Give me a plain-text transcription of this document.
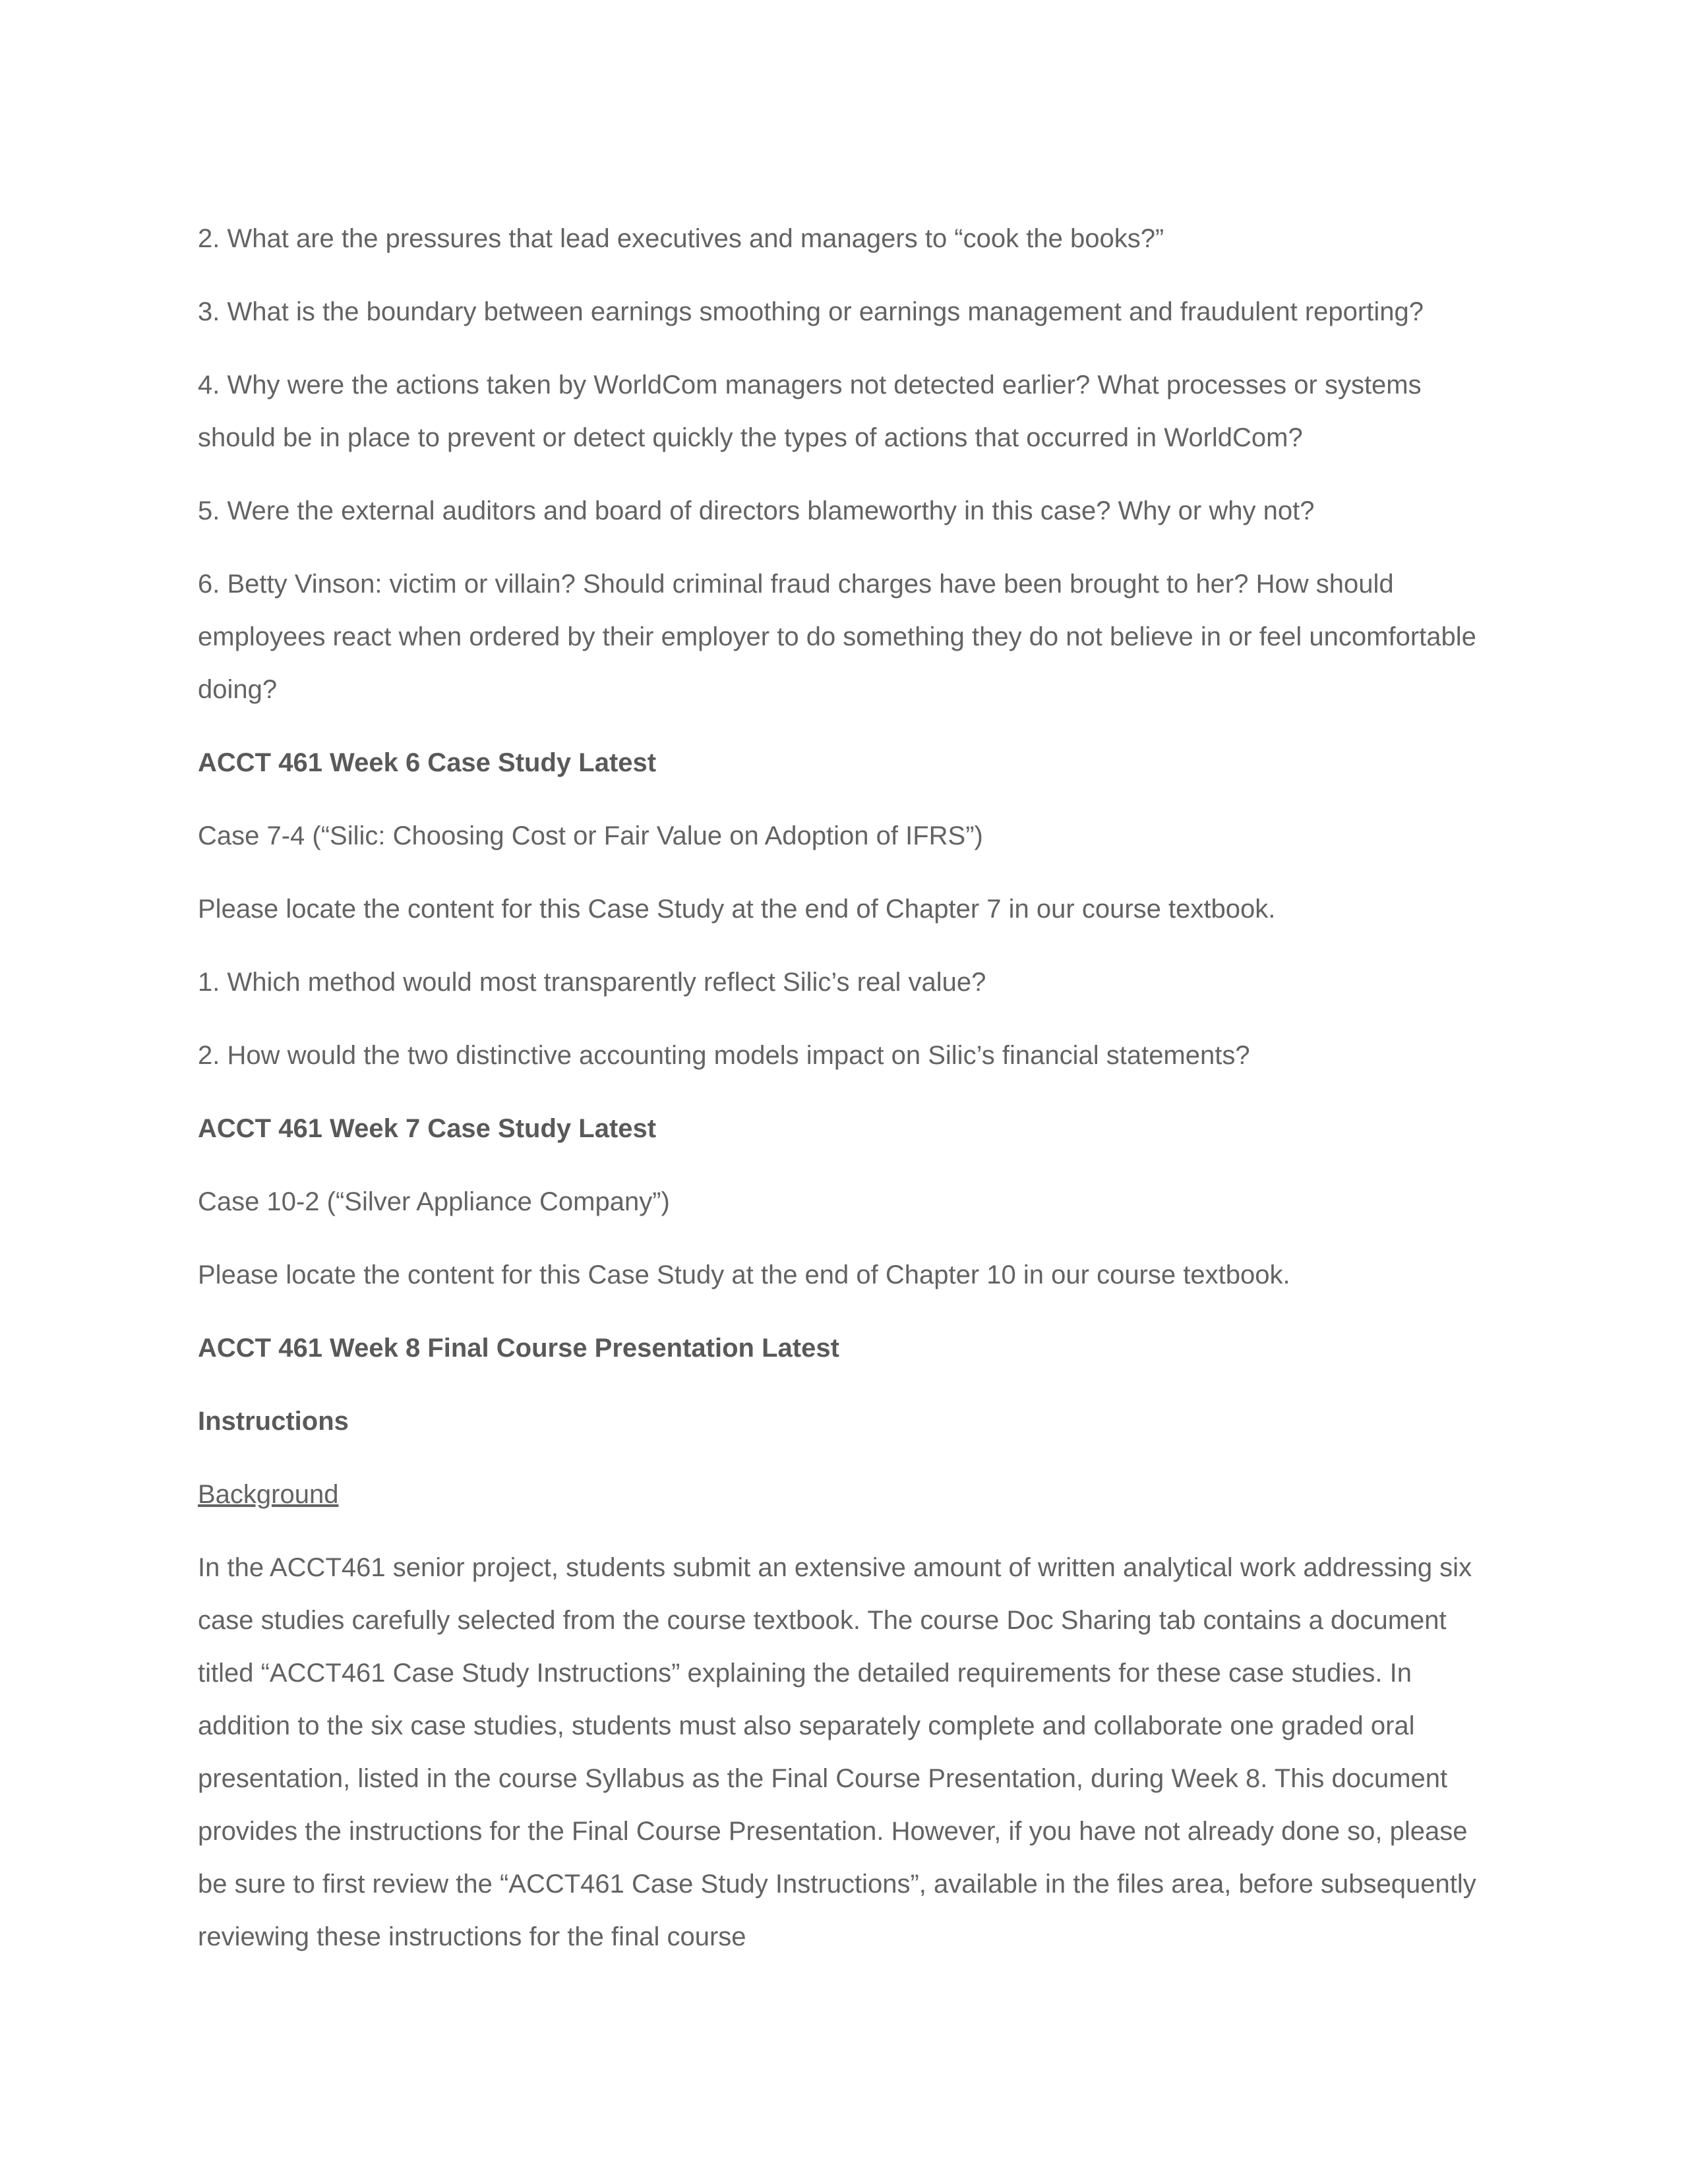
2. What are the pressures that lead executives and managers to “cook the books?”

3. What is the boundary between earnings smoothing or earnings management and fraudulent reporting?

4. Why were the actions taken by WorldCom managers not detected earlier? What processes or systems should be in place to prevent or detect quickly the types of actions that occurred in WorldCom?

5. Were the external auditors and board of directors blameworthy in this case? Why or why not?

6. Betty Vinson: victim or villain? Should criminal fraud charges have been brought to her? How should employees react when ordered by their employer to do something they do not believe in or feel uncomfortable doing?

ACCT 461 Week 6 Case Study Latest

Case 7-4 (“Silic: Choosing Cost or Fair Value on Adoption of IFRS”)

Please locate the content for this Case Study at the end of Chapter 7 in our course textbook.

1. Which method would most transparently reflect Silic’s real value?

2. How would the two distinctive accounting models impact on Silic’s financial statements?

ACCT 461 Week 7 Case Study Latest

Case 10-2 (“Silver Appliance Company”)

Please locate the content for this Case Study at the end of Chapter 10 in our course textbook.

ACCT 461 Week 8 Final Course Presentation Latest

Instructions

Background

In the ACCT461 senior project, students submit an extensive amount of written analytical work addressing six case studies carefully selected from the course textbook. The course Doc Sharing tab contains a document titled “ACCT461 Case Study Instructions” explaining the detailed requirements for these case studies. In addition to the six case studies, students must also separately complete and collaborate one graded oral presentation, listed in the course Syllabus as the Final Course Presentation, during Week 8. This document provides the instructions for the Final Course Presentation. However, if you have not already done so, please be sure to first review the “ACCT461 Case Study Instructions”, available in the files area, before subsequently reviewing these instructions for the final course
